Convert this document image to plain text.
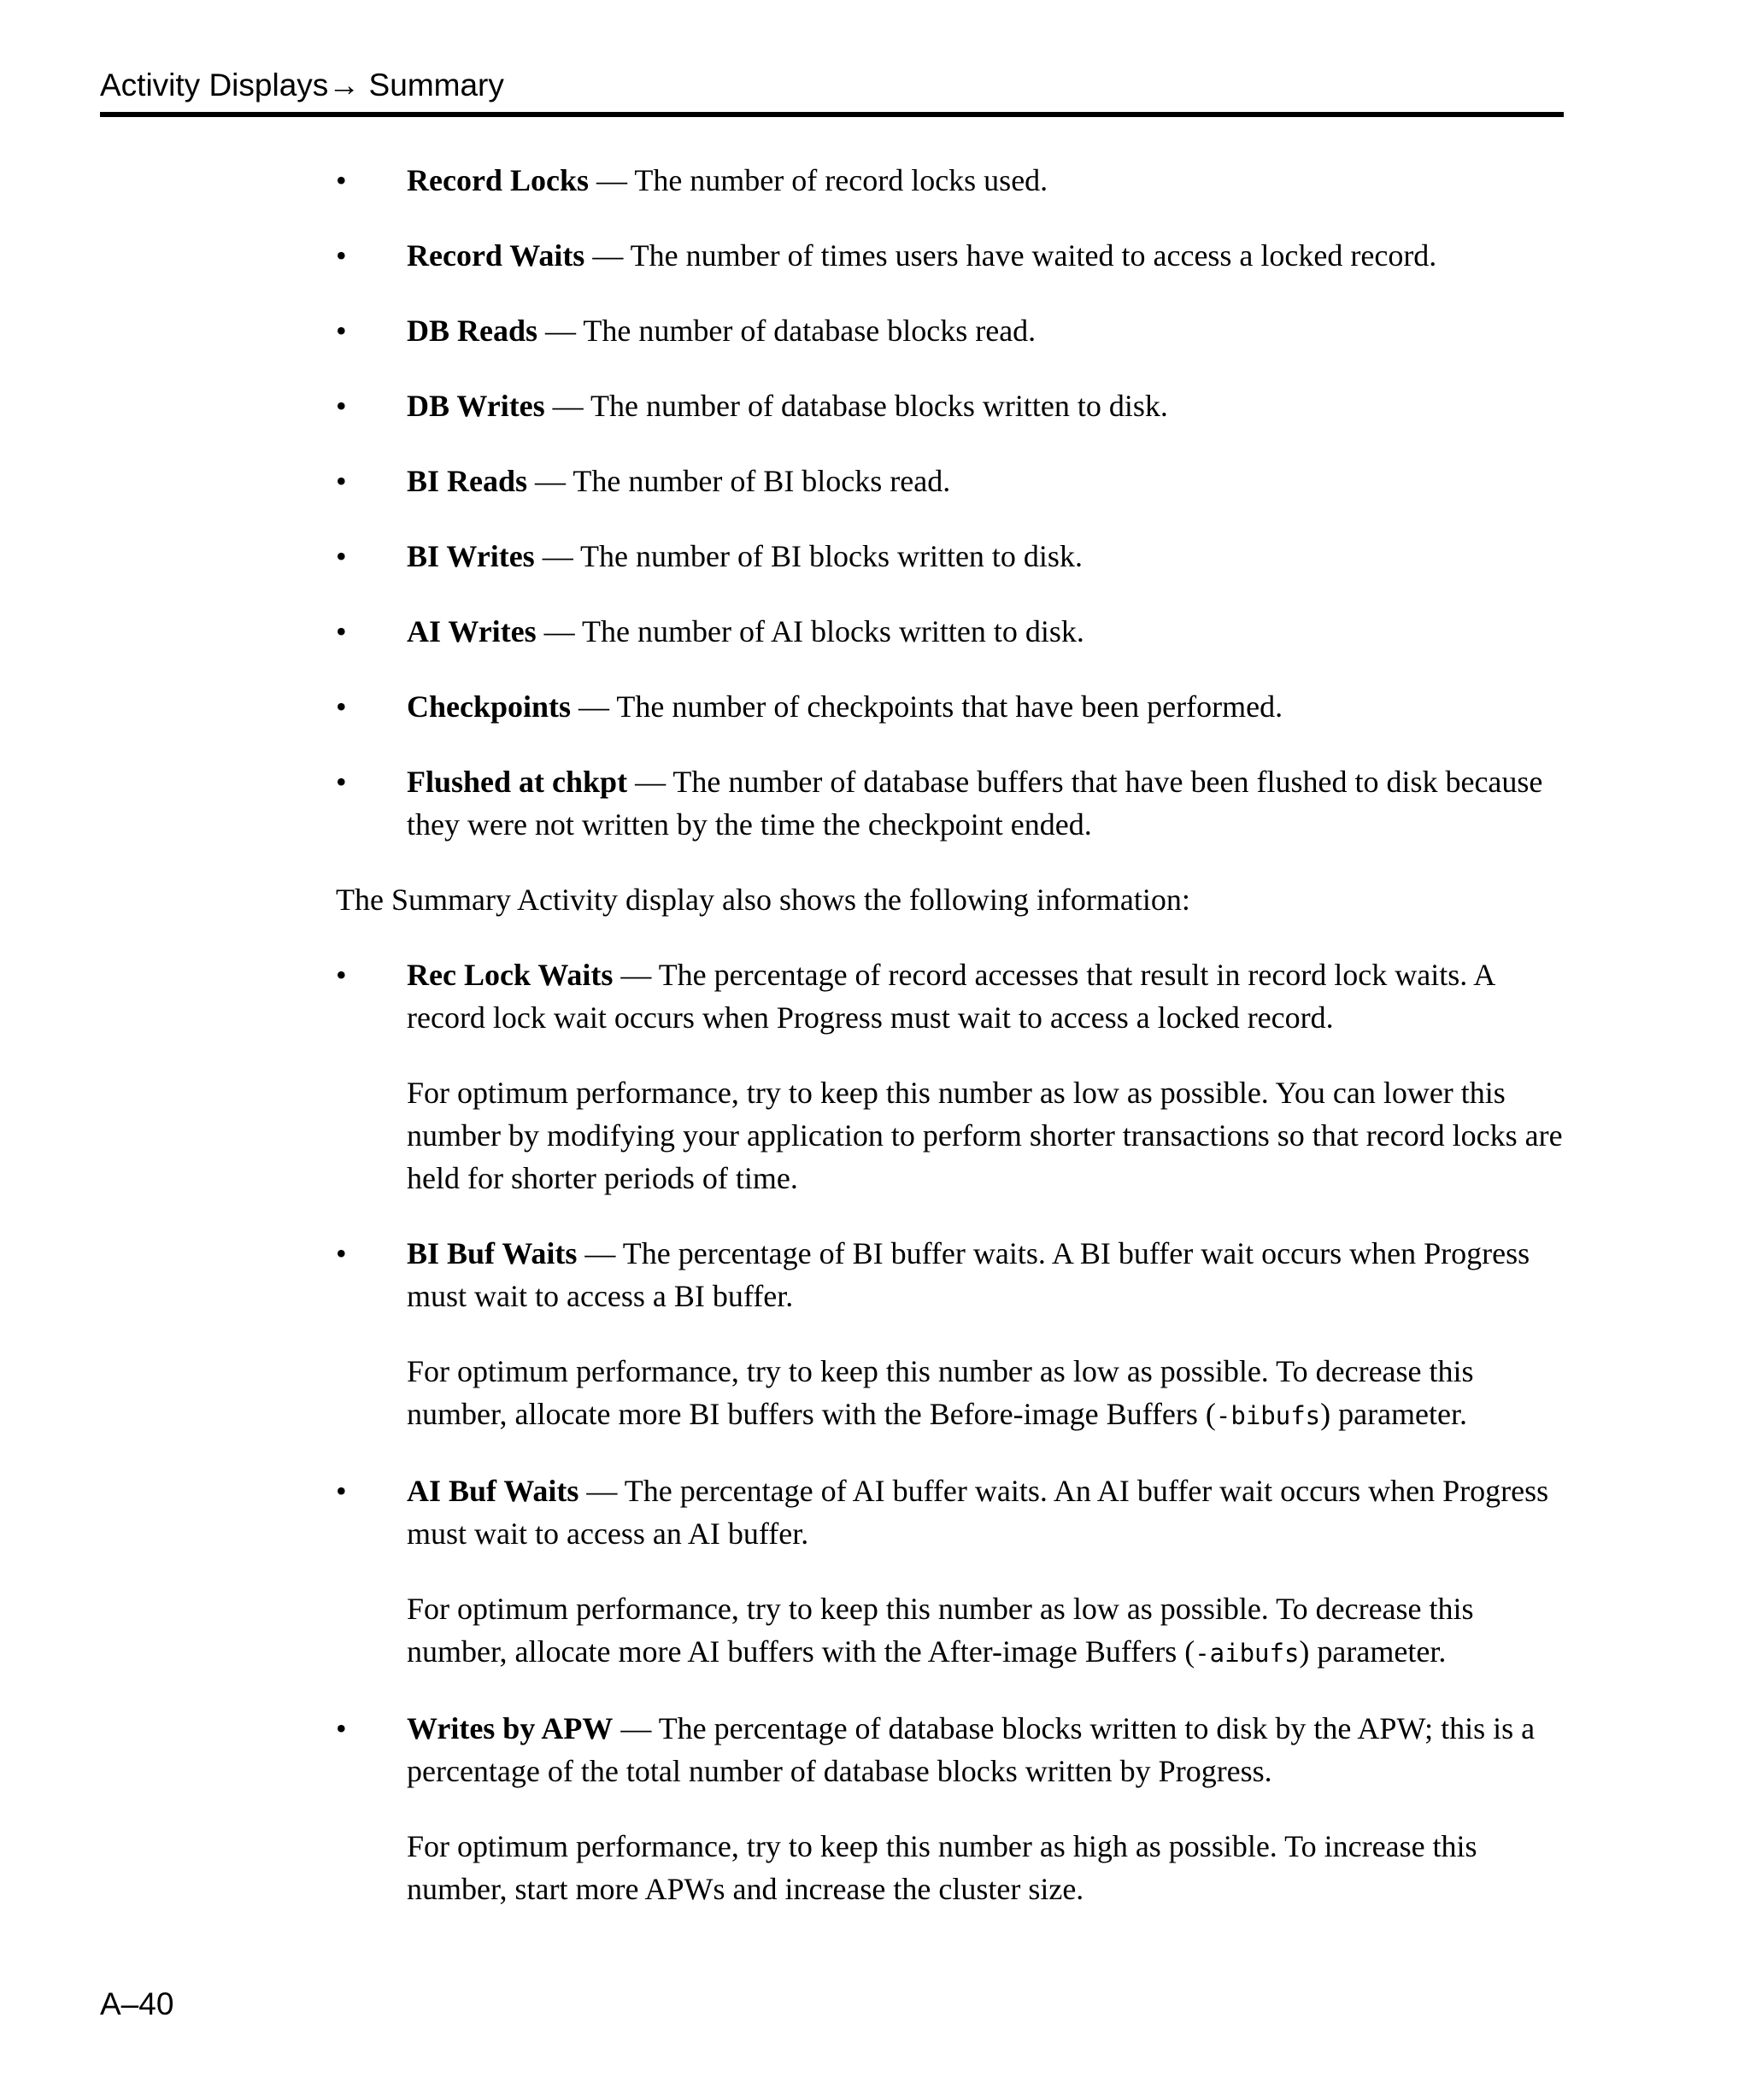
Activity Displays→ Summary
•	Record Locks — The number of record locks used.
•	Record Waits — The number of times users have waited to access a locked record.
•	DB Reads — The number of database blocks read.
•	DB Writes — The number of database blocks written to disk.
•	BI Reads — The number of BI blocks read.
•	BI Writes — The number of BI blocks written to disk.
•	AI Writes — The number of AI blocks written to disk.
•	Checkpoints — The number of checkpoints that have been performed.
•	Flushed at chkpt — The number of database buffers that have been flushed to disk because they were not written by the time the checkpoint ended.

The Summary Activity display also shows the following information:

•	Rec Lock Waits — The percentage of record accesses that result in record lock waits. A record lock wait occurs when Progress must wait to access a locked record.

For optimum performance, try to keep this number as low as possible. You can lower this number by modifying your application to perform shorter transactions so that record locks are held for shorter periods of time.

•	BI Buf Waits — The percentage of BI buffer waits. A BI buffer wait occurs when Progress must wait to access a BI buffer.

For optimum performance, try to keep this number as low as possible. To decrease this number, allocate more BI buffers with the Before-image Buffers (-bibufs) parameter.

•	AI Buf Waits — The percentage of AI buffer waits. An AI buffer wait occurs when Progress must wait to access an AI buffer.

For optimum performance, try to keep this number as low as possible. To decrease this number, allocate more AI buffers with the After-image Buffers (-aibufs) parameter.

•	Writes by APW — The percentage of database blocks written to disk by the APW; this is a percentage of the total number of database blocks written by Progress.

For optimum performance, try to keep this number as high as possible. To increase this number, start more APWs and increase the cluster size.

A–40
